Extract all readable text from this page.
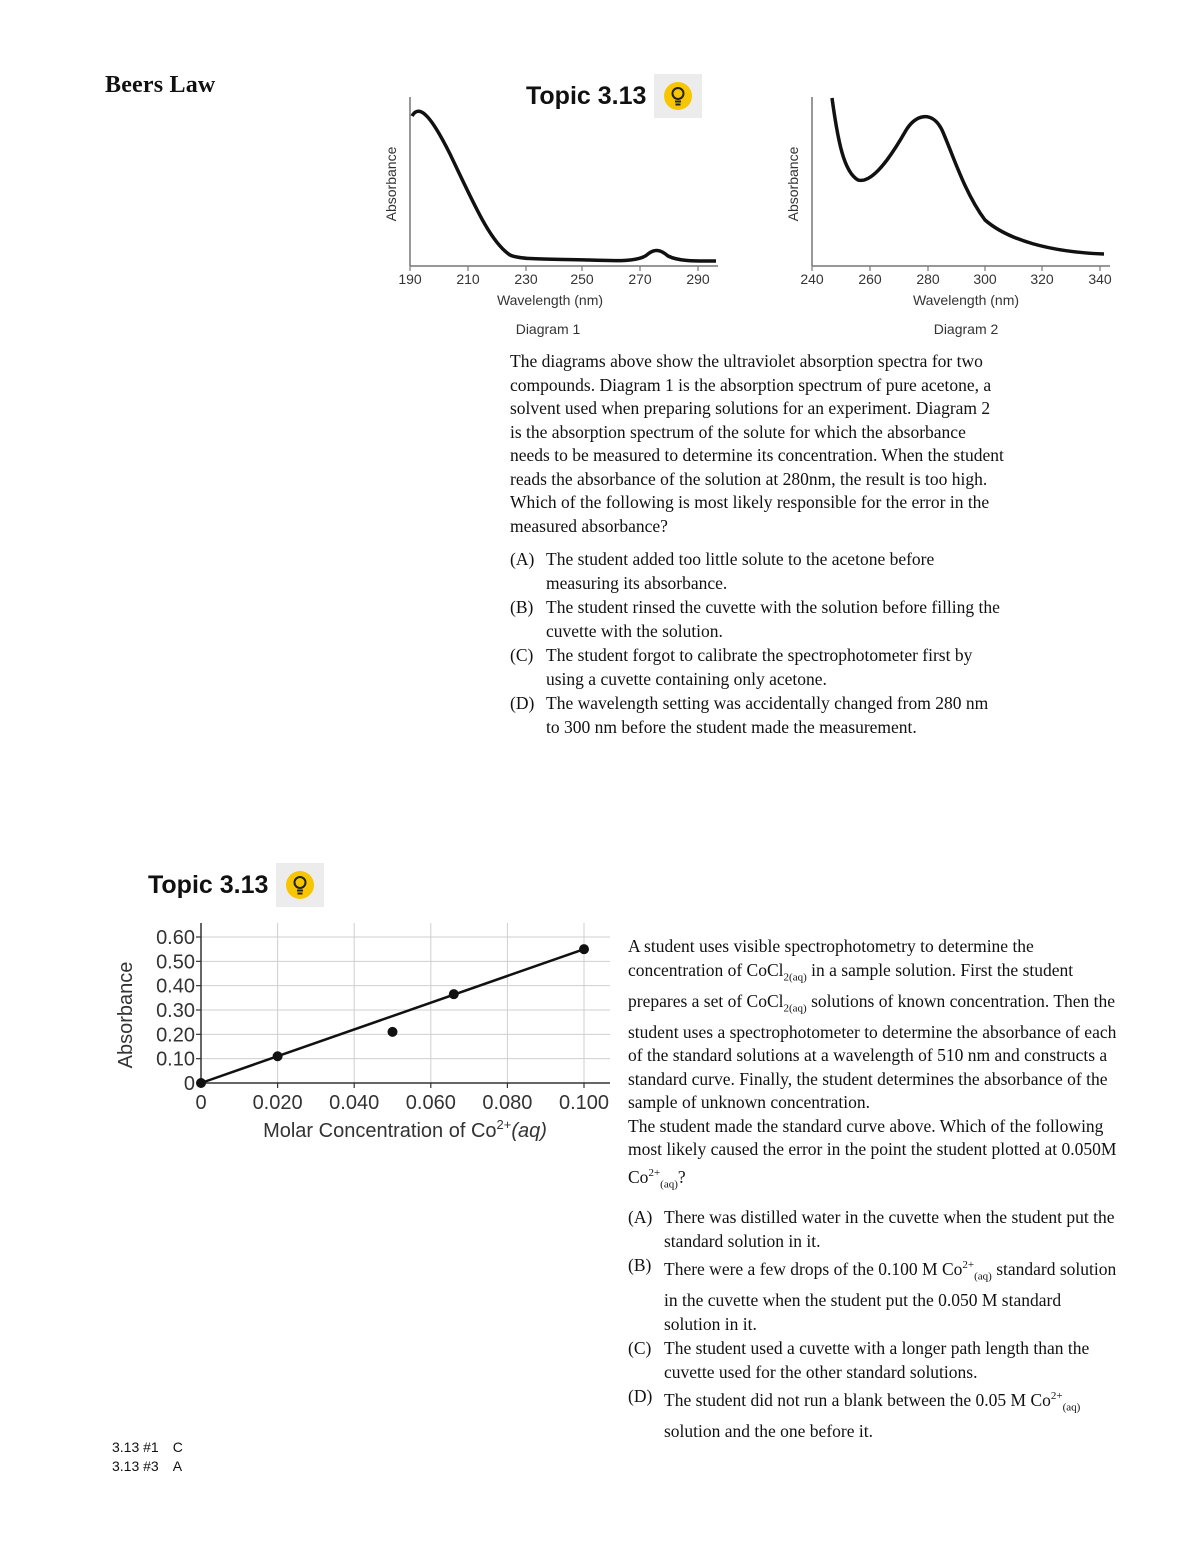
Beers Law	Topic 3.13
Absorbance
190 210 230 250 270 290
Wavelength (nm)
Diagram 1
Absorbance
240 260 280 300 320 340
Wavelength (nm)
Diagram 2
The diagrams above show the ultraviolet absorption spectra for two compounds. Diagram 1 is the absorption spectrum of pure acetone, a solvent used when preparing solutions for an experiment. Diagram 2 is the absorption spectrum of the solute for which the absorbance needs to be measured to determine its concentration. When the student reads the absorbance of the solution at 280nm, the result is too high. Which of the following is most likely responsible for the error in the measured absorbance?
(A) The student added too little solute to the acetone before measuring its absorbance.
(B) The student rinsed the cuvette with the solution before filling the cuvette with the solution.
(C) The student forgot to calibrate the spectrophotometer first by using a cuvette containing only acetone.
(D) The wavelength setting was accidentally changed from 280 nm to 300 nm before the student made the measurement.
Topic 3.13
0
0.10
0.20
0.30
0.40
0.50
0.60
0 0.020 0.040 0.060 0.080 0.100
Absorbance
Molar Concentration of $Co^{2+}(aq)$
A student uses visible spectrophotometry to determine the concentration of CoCl$_{2(aq)}$ in a sample solution. First the student prepares a set of CoCl$_{2(aq)}$ solutions of known concentration. Then the student uses a spectrophotometer to determine the absorbance of each of the standard solutions at a wavelength of 510 nm and constructs a standard curve. Finally, the student determines the absorbance of the sample of unknown concentration.
The student made the standard curve above. Which of the following most likely caused the error in the point the student plotted at 0.050M $Co^{2+}_{(aq)}$?
(A) There was distilled water in the cuvette when the student put the standard solution in it.
(B) There were a few drops of the 0.100 M $Co^{2+}_{(aq)}$ standard solution in the cuvette when the student put the 0.050 M standard solution in it.
(C) The student used a cuvette with a longer path length than the cuvette used for the other standard solutions.
(D) The student did not run a blank between the 0.05 M $Co^{2+}_{(aq)}$ solution and the one before it.
3.13 #1 C
3.13 #3 A
